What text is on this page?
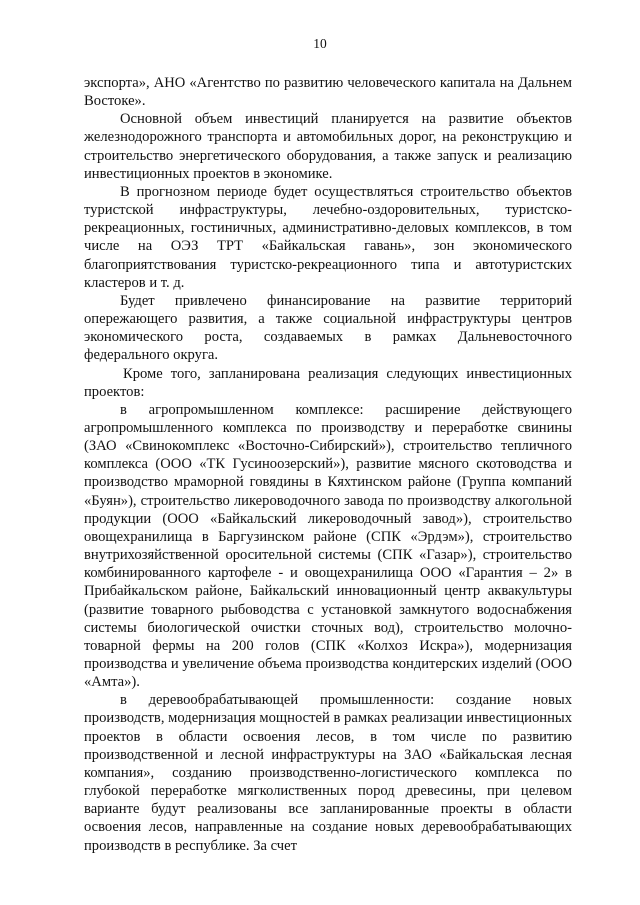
10

экспорта», АНО «Агентство по развитию человеческого капитала на Дальнем Востоке».

Основной объем инвестиций планируется на развитие объектов железнодорожного транспорта и автомобильных дорог, на реконструкцию и строительство энергетического оборудования, а также запуск и реализацию инвестиционных проектов в экономике.

В прогнозном периоде будет осуществляться строительство объектов туристской инфраструктуры, лечебно-оздоровительных, туристско-рекреационных, гостиничных, административно-деловых комплексов, в том числе на ОЭЗ ТРТ «Байкальская гавань», зон экономического благоприятствования туристско-рекреационного типа и автотуристских кластеров и т. д.

Будет привлечено финансирование на развитие территорий опережающего развития, а также социальной инфраструктуры центров экономического роста, создаваемых в рамках Дальневосточного федерального округа.

Кроме того, запланирована реализация следующих инвестиционных проектов:

в агропромышленном комплексе: расширение действующего агропромышленного комплекса по производству и переработке свинины (ЗАО «Свинокомплекс «Восточно-Сибирский»), строительство тепличного комплекса (ООО «ТК Гусиноозерский»), развитие мясного скотоводства и производство мраморной говядины в Кяхтинском районе (Группа компаний «Буян»), строительство ликероводочного завода по производству алкогольной продукции (ООО «Байкальский ликероводочный завод»), строительство овощехранилища в Баргузинском районе (СПК «Эрдэм»), строительство внутрихозяйственной оросительной системы (СПК «Газар»), строительство комбинированного картофеле - и овощехранилища ООО «Гарантия – 2» в Прибайкальском районе, Байкальский инновационный центр аквакультуры (развитие товарного рыбоводства с установкой замкнутого водоснабжения системы биологической очистки сточных вод), строительство молочно-товарной фермы на 200 голов (СПК «Колхоз Искра»), модернизация производства и увеличение объема производства кондитерских изделий (ООО «Амта»).

в деревообрабатывающей промышленности: создание новых производств, модернизация мощностей в рамках реализации инвестиционных проектов в области освоения лесов, в том числе по развитию производственной и лесной инфраструктуры на ЗАО «Байкальская лесная компания», созданию производственно-логистического комплекса по глубокой переработке мягколиственных пород древесины, при целевом варианте будут реализованы все запланированные проекты в области освоения лесов, направленные на создание новых деревообрабатывающих производств в республике. За счет
